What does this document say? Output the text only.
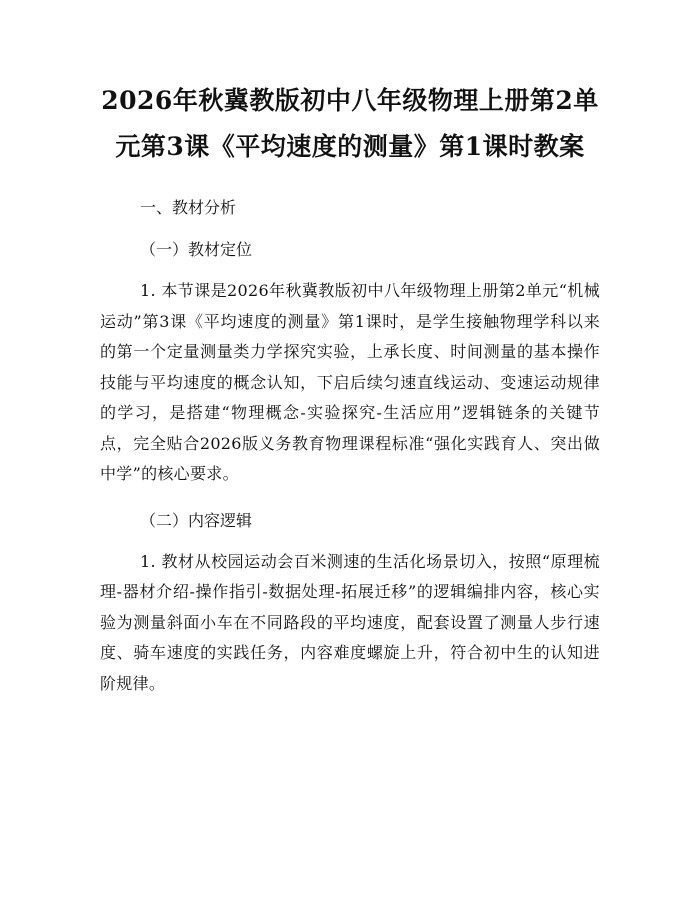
2026年秋冀教版初中八年级物理上册第2单元第3课《平均速度的测量》第1课时教案

一、教材分析

（一）教材定位

1. 本节课是2026年秋冀教版初中八年级物理上册第2单元“机械运动”第3课《平均速度的测量》第1课时，是学生接触物理学科以来的第一个定量测量类力学探究实验，上承长度、时间测量的基本操作技能与平均速度的概念认知，下启后续匀速直线运动、变速运动规律的学习，是搭建“物理概念-实验探究-生活应用”逻辑链条的关键节点，完全贴合2026版义务教育物理课程标准“强化实践育人、突出做中学”的核心要求。

（二）内容逻辑

1. 教材从校园运动会百米测速的生活化场景切入，按照“原理梳理-器材介绍-操作指引-数据处理-拓展迁移”的逻辑编排内容，核心实验为测量斜面小车在不同路段的平均速度，配套设置了测量人步行速度、骑车速度的实践任务，内容难度螺旋上升，符合初中生的认知进阶规律。
